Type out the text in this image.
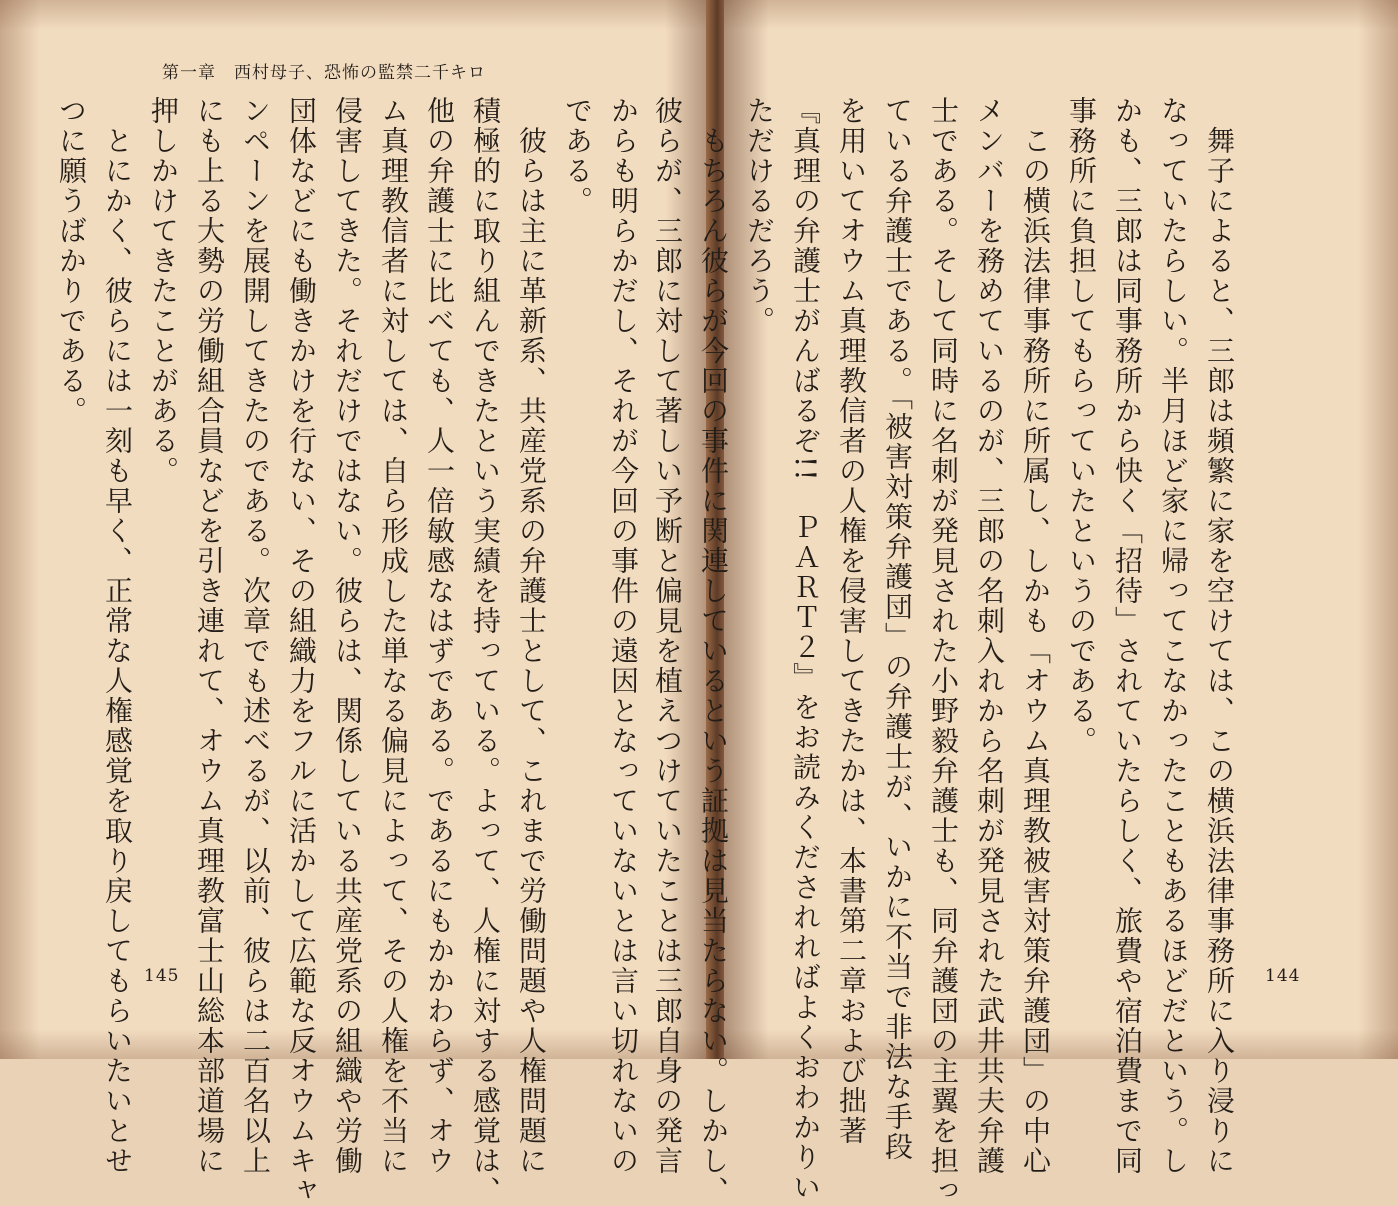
第一章　西村母子、恐怖の監禁二千キロ
からも明らかだし、それが今回の事件の遠因となっていないとは言い切れないの
である。
　彼らは主に革新系、共産党系の弁護士として、これまで労働問題や人権問題に
積極的に取り組んできたという実績を持っている。よって、人権に対する感覚は、
他の弁護士に比べても、人一倍敏感なはずである。であるにもかかわらず、オウ
ム真理教信者に対しては、自ら形成した単なる偏見によって、その人権を不当に
侵害してきた。それだけではない。彼らは、関係している共産党系の組織や労働
団体などにも働きかけを行ない、その組織力をフルに活かして広範な反オウムキャ
ンペーンを展開してきたのである。次章でも述べるが、以前、彼らは二百名以上
にも上る大勢の労働組合員などを引き連れて、オウム真理教富士山総本部道場に
押しかけてきたことがある。
　とにかく、彼らには一刻も早く、正常な人権感覚を取り戻してもらいたいとせ
つに願うばかりである。
145	　舞子によると、三郎は頻繁に家を空けては、この横浜法律事務所に入り浸りに
なっていたらしい。半月ほど家に帰ってこなかったこともあるほどだという。し
かも、三郎は同事務所から快く「招待」されていたらしく、旅費や宿泊費まで同
事務所に負担してもらっていたというのである。
　この横浜法律事務所に所属し、しかも「オウム真理教被害対策弁護団」の中心
メンバーを務めているのが、三郎の名刺入れから名刺が発見された武井共夫弁護
士である。そして同時に名刺が発見された小野毅弁護士も、同弁護団の主翼を担っ
ている弁護士である。「被害対策弁護団」の弁護士が、いかに不当で非法な手段
を用いてオウム真理教信者の人権を侵害してきたかは、本書第二章および拙著
『真理の弁護士がんばるぞ!!　ＰＡＲＴ２』をお読みくだされればよくおわかりい
ただけるだろう。
　もちろん彼らが今回の事件に関連しているという証拠は見当たらない。しかし、
彼らが、三郎に対して著しい予断と偏見を植えつけていたことは三郎自身の発言	144
